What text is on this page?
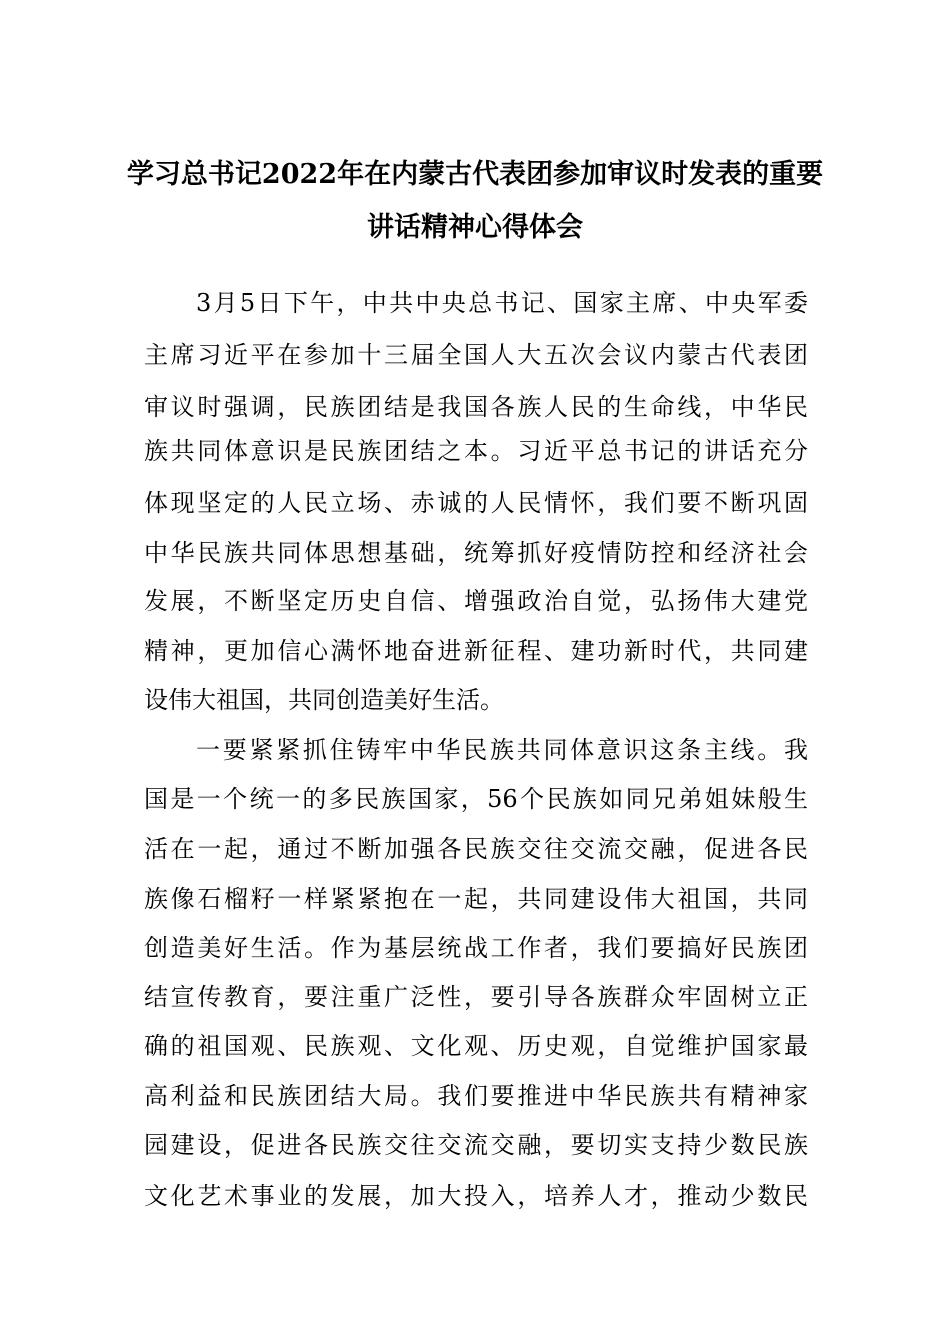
学习总书记2022年在内蒙古代表团参加审议时发表的重要
讲话精神心得体会
3月5日下午，中共中央总书记、国家主席、中央军委
主席习近平在参加十三届全国人大五次会议内蒙古代表团
审议时强调，民族团结是我国各族人民的生命线，中华民
族共同体意识是民族团结之本。习近平总书记的讲话充分
体现坚定的人民立场、赤诚的人民情怀，我们要不断巩固
中华民族共同体思想基础，统筹抓好疫情防控和经济社会
发展，不断坚定历史自信、增强政治自觉，弘扬伟大建党
精神，更加信心满怀地奋进新征程、建功新时代，共同建
设伟大祖国，共同创造美好生活。
一要紧紧抓住铸牢中华民族共同体意识这条主线。我
国是一个统一的多民族国家，56个民族如同兄弟姐妹般生
活在一起，通过不断加强各民族交往交流交融，促进各民
族像石榴籽一样紧紧抱在一起，共同建设伟大祖国，共同
创造美好生活。作为基层统战工作者，我们要搞好民族团
结宣传教育，要注重广泛性，要引导各族群众牢固树立正
确的祖国观、民族观、文化观、历史观，自觉维护国家最
高利益和民族团结大局。我们要推进中华民族共有精神家
园建设，促进各民族交往交流交融，要切实支持少数民族
文化艺术事业的发展，加大投入，培养人才，推动少数民
